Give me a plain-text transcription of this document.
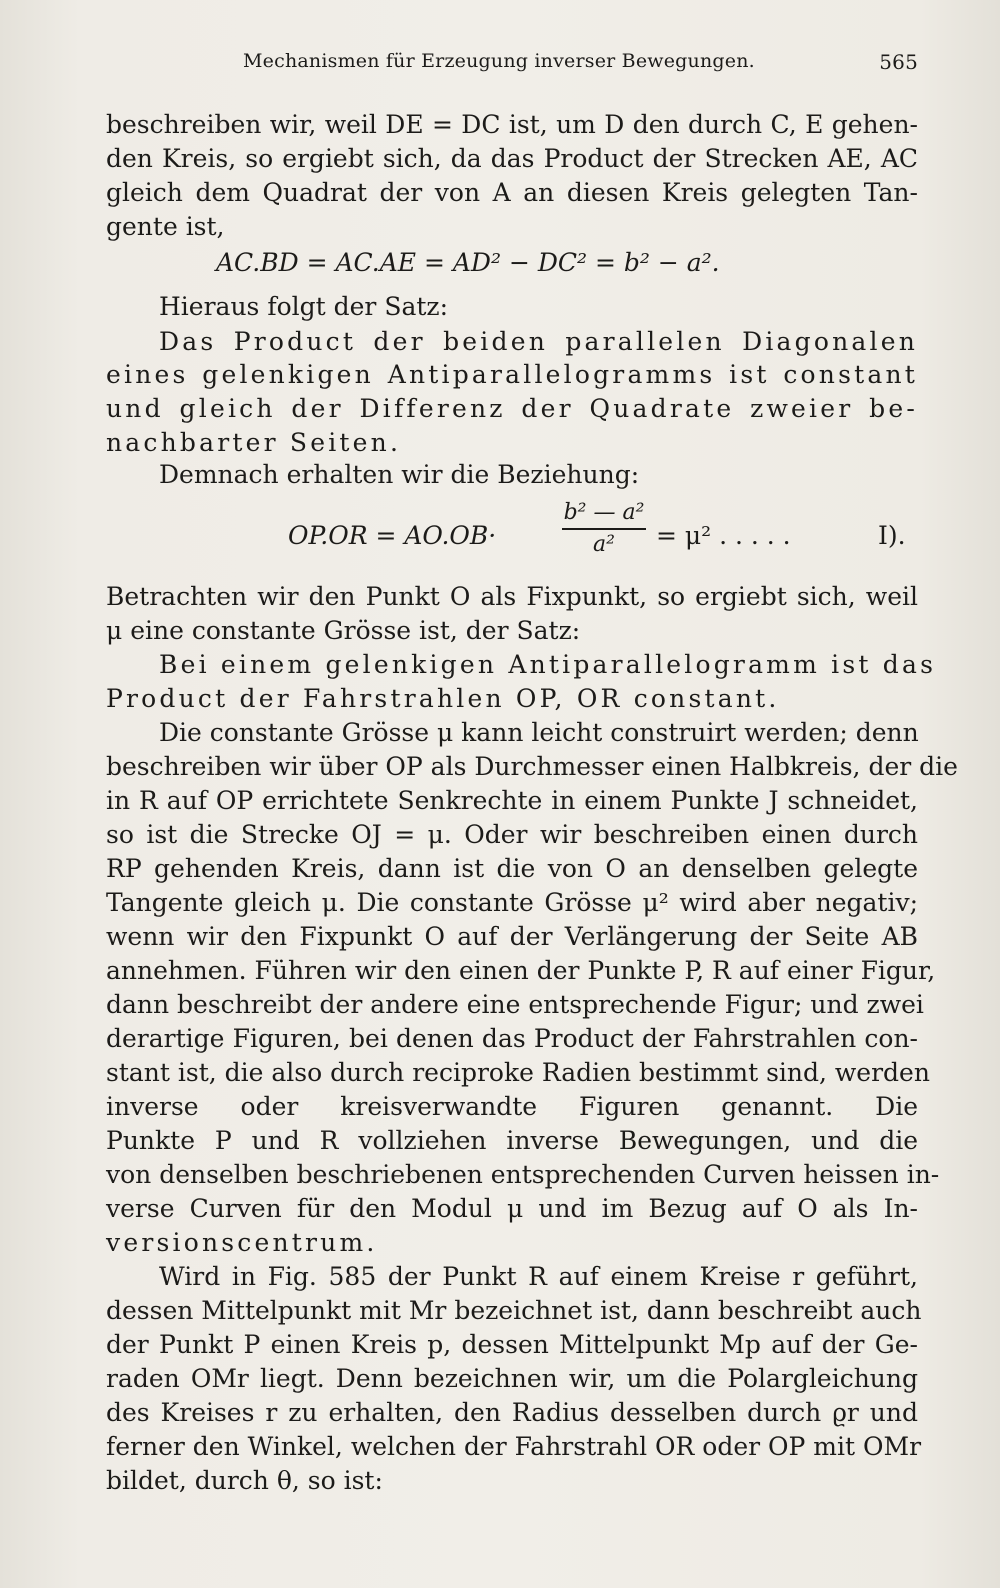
Mechanismen für Erzeugung inverser Bewegungen.	565
beschreiben wir, weil DE = DC ist, um D den durch C, E gehen-
den Kreis, so ergiebt sich, da das Product der Strecken AE, AC
gleich dem Quadrat der von A an diesen Kreis gelegten Tan-
gente ist,
AC.BD = AC.AE = AD² − DC² = b² − a².
Hieraus folgt der Satz:
Das Product der beiden parallelen Diagonalen
eines gelenkigen Antiparallelogramms ist constant
und gleich der Differenz der Quadrate zweier be-
nachbarter Seiten.
Demnach erhalten wir die Beziehung:
OP.OR = AO.OB·
b² — a²
a²	= μ² . . . . .	I).
Betrachten wir den Punkt O als Fixpunkt, so ergiebt sich, weil
μ eine constante Grösse ist, der Satz:
Bei einem gelenkigen Antiparallelogramm ist das
Product der Fahrstrahlen OP, OR constant.
Die constante Grösse μ kann leicht construirt werden; denn
beschreiben wir über OP als Durchmesser einen Halbkreis, der die
in R auf OP errichtete Senkrechte in einem Punkte J schneidet,
so ist die Strecke OJ = μ. Oder wir beschreiben einen durch
RP gehenden Kreis, dann ist die von O an denselben gelegte
Tangente gleich μ. Die constante Grösse μ² wird aber negativ;
wenn wir den Fixpunkt O auf der Verlängerung der Seite AB
annehmen. Führen wir den einen der Punkte P, R auf einer Figur,
dann beschreibt der andere eine entsprechende Figur; und zwei
derartige Figuren, bei denen das Product der Fahrstrahlen con-
stant ist, die also durch reciproke Radien bestimmt sind, werden
inverse oder kreisverwandte Figuren genannt. Die
Punkte P und R vollziehen inverse Bewegungen, und die
von denselben beschriebenen entsprechenden Curven heissen in-
verse Curven für den Modul μ und im Bezug auf O als In-
versionscentrum.
Wird in Fig. 585 der Punkt R auf einem Kreise r geführt,
dessen Mittelpunkt mit Mr bezeichnet ist, dann beschreibt auch
der Punkt P einen Kreis p, dessen Mittelpunkt Mp auf der Ge-
raden OMr liegt. Denn bezeichnen wir, um die Polargleichung
des Kreises r zu erhalten, den Radius desselben durch ϱr und
ferner den Winkel, welchen der Fahrstrahl OR oder OP mit OMr
bildet, durch θ, so ist:
